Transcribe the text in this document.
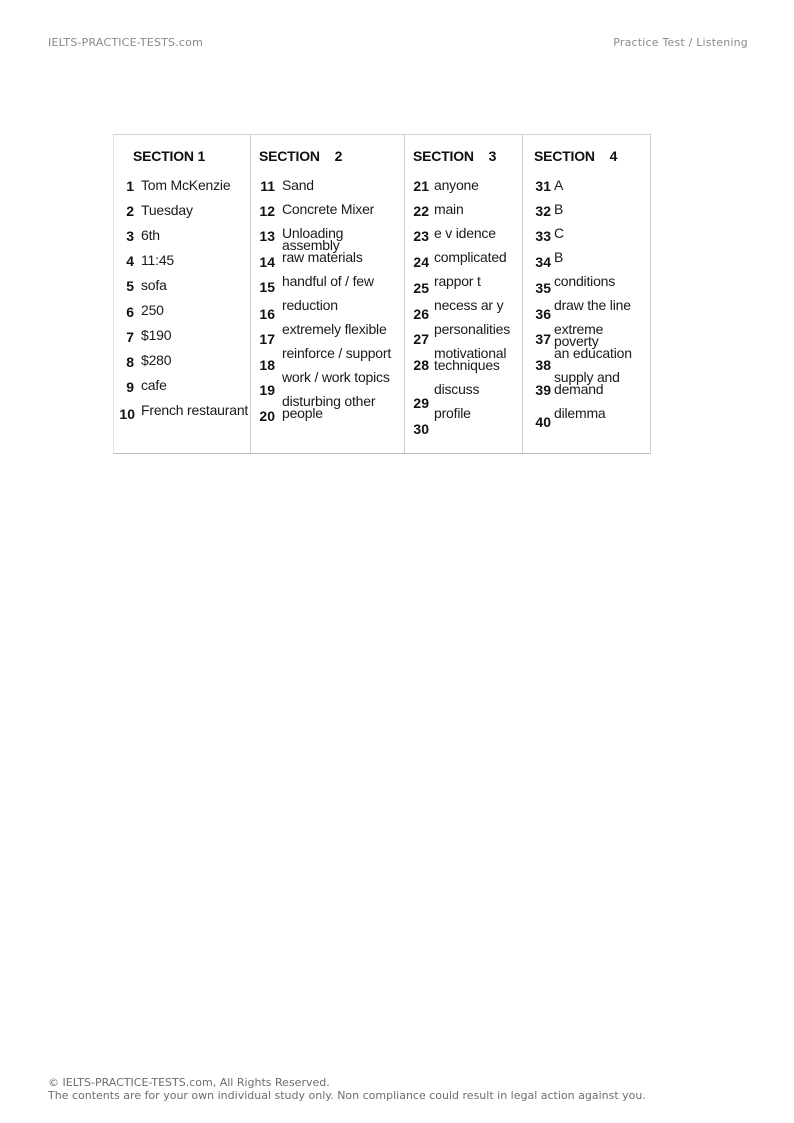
IELTS-PRACTICE-TESTS.com	Practice Test / Listening
SECTION 1
1 Tom McKenzie
2 Tuesday
3 6th
4 11:45
5 sofa
6 250
7 $190
8 $280
9 cafe
10 French restaurant
SECTION    2
11 Sand
12 Concrete Mixer
13 Unloading assembly
14 raw materials
15 handful of / few
16
reduction
17
extremely flexible
18
reinforce / support
19
work / work topics
20
disturbing other
people
SECTION    3
21 anyone
22 main
23 e v idence
24 complicated
25 rappor t
26
necess ar y
27
personalities
28
motivational
techniques
29
discuss
30
profile
SECTION    4
31 A
32 B
33 C
34 B
35 conditions
36
draw the line
37
extreme poverty
38
an education
39
supply and
demand
40
dilemma
© IELTS-PRACTICE-TESTS.com, All Rights Reserved.
The contents are for your own individual study only. Non compliance could result in legal action against you.
